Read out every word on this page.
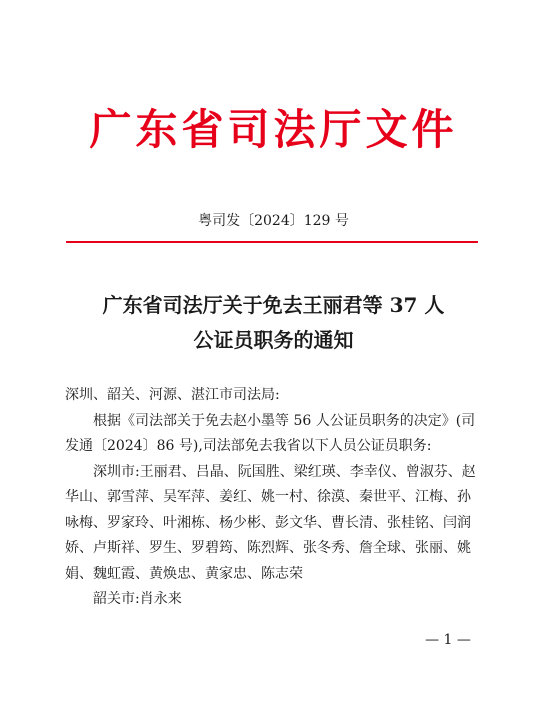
广东省司法厅文件
粤司发〔2024〕129 号
广东省司法厅关于免去王丽君等 37 人
公证员职务的通知

深圳、韶关、河源、湛江市司法局:

根据《司法部关于免去赵小墨等 56 人公证员职务的决定》(司发通〔2024〕86 号),司法部免去我省以下人员公证员职务:

深圳市:王丽君、吕晶、阮国胜、梁红瑛、李幸仪、曾淑芬、赵华山、郭雪萍、吴军萍、姜红、姚一村、徐漠、秦世平、江梅、孙咏梅、罗家玲、叶湘栋、杨少彬、彭文华、曹长清、张桂铭、闫润娇、卢斯祥、罗生、罗碧筠、陈烈辉、张冬秀、詹全球、张丽、姚娟、魏虹霞、黄焕忠、黄家忠、陈志荣

韶关市:肖永来

— 1 —
